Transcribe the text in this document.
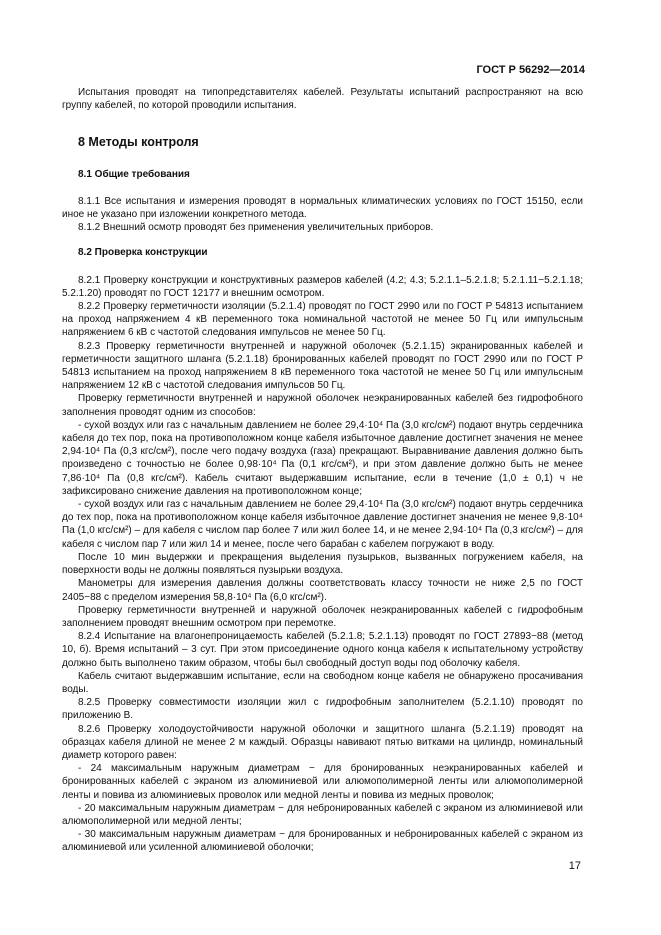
ГОСТ Р 56292—2014

Испытания проводят на типопредставителях кабелей. Результаты испытаний распространяют на всю группу кабелей, по которой проводили испытания.

8 Методы контроля
8.1 Общие требования

8.1.1 Все испытания и измерения проводят в нормальных климатических условиях по ГОСТ 15150, если иное не указано при изложении конкретного метода.

8.1.2 Внешний осмотр проводят без применения увеличительных приборов.

8.2 Проверка конструкции

8.2.1 Проверку конструкции и конструктивных размеров кабелей (4.2; 4.3; 5.2.1.1–5.2.1.8; 5.2.1.11−5.2.1.18; 5.2.1.20) проводят по ГОСТ 12177 и внешним осмотром.

8.2.2 Проверку герметичности изоляции (5.2.1.4) проводят по ГОСТ 2990 или по ГОСТ Р 54813 испытанием на проход напряжением 4 кВ переменного тока номинальной частотой не менее 50 Гц или импульсным напряжением 6 кВ с частотой следования импульсов не менее 50 Гц.

8.2.3 Проверку герметичности внутренней и наружной оболочек (5.2.1.15) экранированных кабелей и герметичности защитного шланга (5.2.1.18) бронированных кабелей проводят по ГОСТ 2990 или по ГОСТ Р 54813 испытанием на проход напряжением 8 кВ переменного тока частотой не менее 50 Гц или импульсным напряжением 12 кВ с частотой следования импульсов 50 Гц.

Проверку герметичности внутренней и наружной оболочек неэкранированных кабелей без гидрофобного заполнения проводят одним из способов:

- сухой воздух или газ с начальным давлением не более 29,4·10⁴ Па (3,0 кгс/см²) подают внутрь сердечника кабеля до тех пор, пока на противоположном конце кабеля избыточное давление достигнет значения не менее 2,94·10⁴ Па (0,3 кгс/см²), после чего подачу воздуха (газа) прекращают. Выравнивание давления должно быть произведено с точностью не более 0,98·10⁴ Па (0,1 кгс/см²), и при этом давление должно быть не менее 7,86·10⁴ Па (0,8 кгс/см²). Кабель считают выдержавшим испытание, если в течение (1,0 ± 0,1) ч не зафиксировано снижение давления на противоположном конце;

- сухой воздух или газ с начальным давлением не более 29,4·10⁴ Па (3,0 кгс/см²) подают внутрь сердечника до тех пор, пока на противоположном конце кабеля избыточное давление достигнет значения не менее 9,8·10⁴ Па (1,0 кгс/см²) – для кабеля с числом пар более 7 или жил более 14, и не менее 2,94·10⁴ Па (0,3 кгс/см²) – для кабеля с числом пар 7 или жил 14 и менее, после чего барабан с кабелем погружают в воду.

После 10 мин выдержки и прекращения выделения пузырьков, вызванных погружением кабеля, на поверхности воды не должны появляться пузырьки воздуха.

Манометры для измерения давления должны соответствовать классу точности не ниже 2,5 по ГОСТ 2405−88 с пределом измерения 58,8·10⁴ Па (6,0 кгс/см²).

Проверку герметичности внутренней и наружной оболочек неэкранированных кабелей с гидрофобным заполнением проводят внешним осмотром при перемотке.

8.2.4 Испытание на влагонепроницаемость кабелей (5.2.1.8; 5.2.1.13) проводят по ГОСТ 27893−88 (метод 10, б). Время испытаний – 3 сут. При этом присоединение одного конца кабеля к испытательному устройству должно быть выполнено таким образом, чтобы был свободный доступ воды под оболочку кабеля.

Кабель считают выдержавшим испытание, если на свободном конце кабеля не обнаружено просачивания воды.

8.2.5 Проверку совместимости изоляции жил с гидрофобным заполнителем (5.2.1.10) проводят по приложению В.

8.2.6 Проверку холодоустойчивости наружной оболочки и защитного шланга (5.2.1.19) проводят на образцах кабеля длиной не менее 2 м каждый. Образцы навивают пятью витками на цилиндр, номинальный диаметр которого равен:

- 24 максимальным наружным диаметрам − для бронированных неэкранированных кабелей и бронированных кабелей с экраном из алюминиевой или алюмополимерной ленты или алюмополимерной ленты и повива из алюминиевых проволок или медной ленты и повива из медных проволок;

- 20 максимальным наружным диаметрам − для небронированных кабелей с экраном из алюминиевой или алюмополимерной или медной ленты;

- 30 максимальным наружным диаметрам − для бронированных и небронированных кабелей с экраном из алюминиевой или усиленной алюминиевой оболочки;

17
